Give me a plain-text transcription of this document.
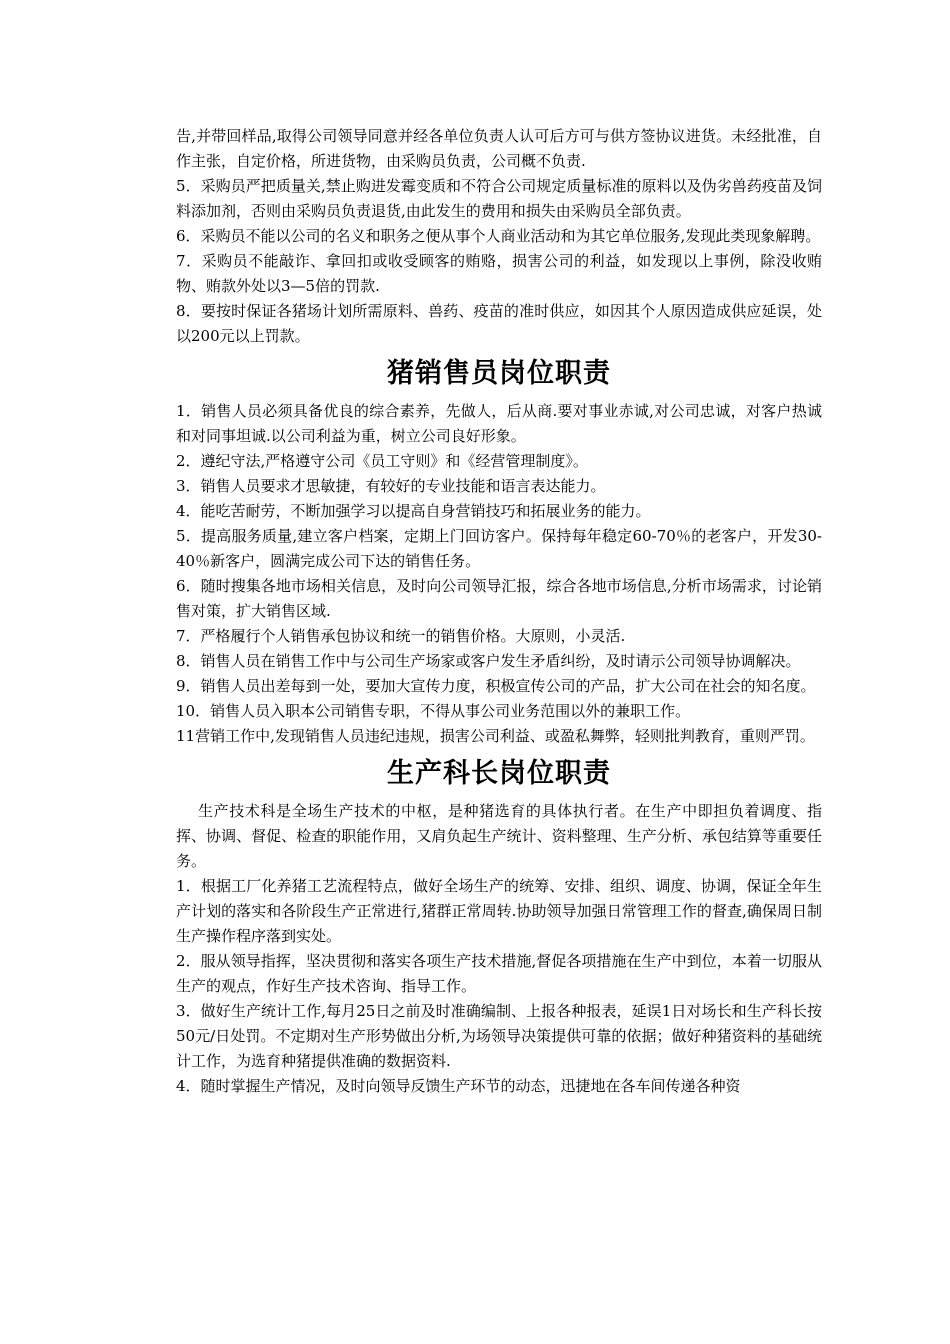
告,并带回样品,取得公司领导同意并经各单位负责人认可后方可与供方签协议进货。未经批准，自作主张，自定价格，所进货物，由采购员负责，公司概不负责.

5．采购员严把质量关,禁止购进发霉变质和不符合公司规定质量标准的原料以及伪劣兽药疫苗及饲料添加剂，否则由采购员负责退货,由此发生的费用和损失由采购员全部负责。

6．采购员不能以公司的名义和职务之便从事个人商业活动和为其它单位服务,发现此类现象解聘。

7．采购员不能敲诈、拿回扣或收受顾客的贿赂，损害公司的利益，如发现以上事例，除没收贿物、贿款外处以3—5倍的罚款.

8．要按时保证各猪场计划所需原料、兽药、疫苗的准时供应，如因其个人原因造成供应延误，处以200元以上罚款。

猪销售员岗位职责

1．销售人员必须具备优良的综合素养，先做人，后从商.要对事业赤诚,对公司忠诚，对客户热诚和对同事坦诚.以公司利益为重，树立公司良好形象。

2．遵纪守法,严格遵守公司《员工守则》和《经营管理制度》。

3．销售人员要求才思敏捷，有较好的专业技能和语言表达能力。

4．能吃苦耐劳，不断加强学习以提高自身营销技巧和拓展业务的能力。

5．提高服务质量,建立客户档案，定期上门回访客户。保持每年稳定60-70％的老客户，开发30-40％新客户，圆满完成公司下达的销售任务。

6．随时搜集各地市场相关信息，及时向公司领导汇报，综合各地市场信息,分析市场需求，讨论销售对策，扩大销售区域.

7．严格履行个人销售承包协议和统一的销售价格。大原则，小灵活.

8．销售人员在销售工作中与公司生产场家或客户发生矛盾纠纷，及时请示公司领导协调解决。

9．销售人员出差每到一处，要加大宣传力度，积极宣传公司的产品，扩大公司在社会的知名度。

10．销售人员入职本公司销售专职，不得从事公司业务范围以外的兼职工作。

11营销工作中,发现销售人员违纪违规，损害公司利益、或盈私舞弊，轻则批判教育，重则严罚。

生产科长岗位职责

生产技术科是全场生产技术的中枢，是种猪选育的具体执行者。在生产中即担负着调度、指挥、协调、督促、检查的职能作用，又肩负起生产统计、资料整理、生产分析、承包结算等重要任务。

1．根据工厂化养猪工艺流程特点，做好全场生产的统筹、安排、组织、调度、协调，保证全年生产计划的落实和各阶段生产正常进行,猪群正常周转.协助领导加强日常管理工作的督查,确保周日制生产操作程序落到实处。

2．服从领导指挥，坚决贯彻和落实各项生产技术措施,督促各项措施在生产中到位，本着一切服从生产的观点，作好生产技术咨询、指导工作。

3．做好生产统计工作,每月25日之前及时准确编制、上报各种报表，延误1日对场长和生产科长按50元/日处罚。不定期对生产形势做出分析,为场领导决策提供可靠的依据；做好种猪资料的基础统计工作，为选育种猪提供准确的数据资料.

4．随时掌握生产情况，及时向领导反馈生产环节的动态，迅捷地在各车间传递各种资
